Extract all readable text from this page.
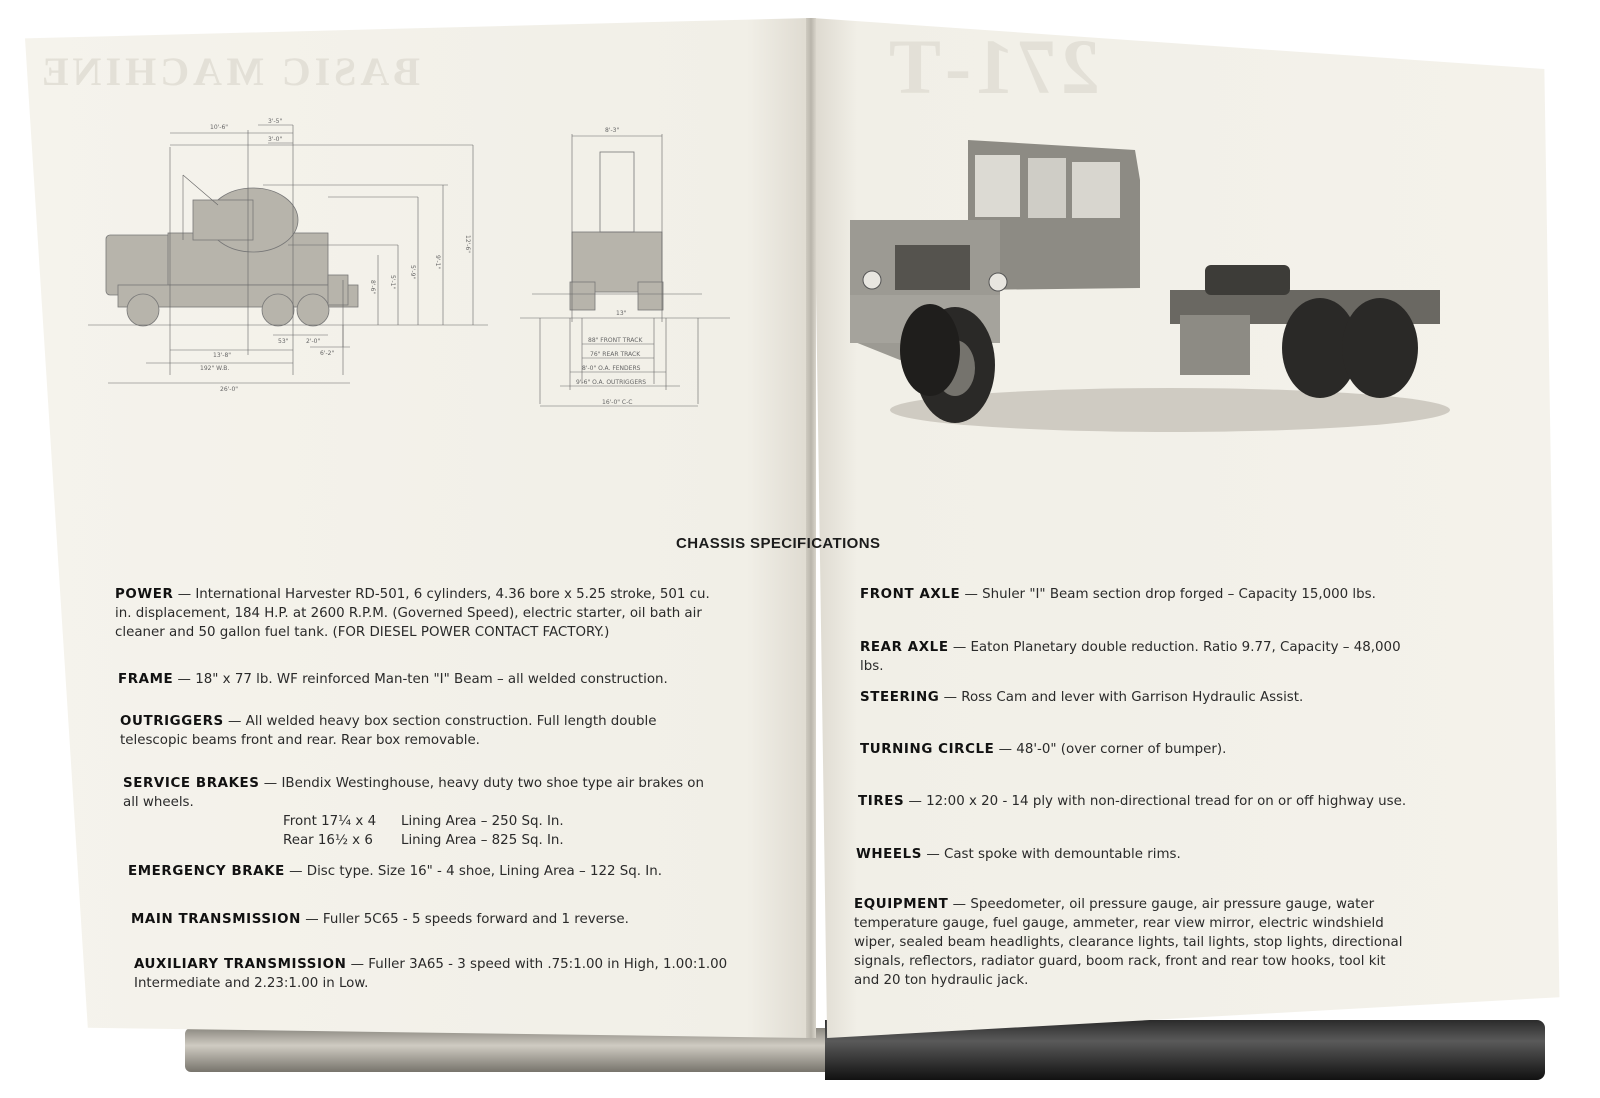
271-T
BASIC MACHINE
10'-6"
3'-5"
3'-0"
12'-6"
9'-1"
5'-1"
5'-9"
8'-6"
13'-8"
192" W.B.
26'-0"
6'-2"
53"	2'-0"
8'-3"
13"
88" FRONT TRACK
76" REAR TRACK
8'-0" O.A. FENDERS
9'-6" O.A. OUTRIGGERS
16'-0" C-C
CHASSIS SPECIFICATIONS
POWER — International Harvester RD-501, 6 cylinders, 4.36 bore x 5.25 stroke, 501 cu. in. displacement, 184 H.P. at 2600 R.P.M. (Governed Speed), electric starter, oil bath air cleaner and 50 gallon fuel tank. (FOR DIESEL POWER CONTACT FACTORY.)
FRAME — 18" x 77 lb. WF reinforced Man-ten "I" Beam – all welded construction.
OUTRIGGERS — All welded heavy box section construction. Full length double telescopic beams front and rear. Rear box removable.
SERVICE BRAKES — IBendix Westinghouse, heavy duty two shoe type air brakes on all wheels.
Front 17¼ x 4 Lining Area – 250 Sq. In.
Rear 16½ x 6 Lining Area – 825 Sq. In.
EMERGENCY BRAKE — Disc type. Size 16" - 4 shoe, Lining Area – 122 Sq. In.
MAIN TRANSMISSION — Fuller 5C65 - 5 speeds forward and 1 reverse.
AUXILIARY TRANSMISSION — Fuller 3A65 - 3 speed with .75:1.00 in High, 1.00:1.00 Intermediate and 2.23:1.00 in Low.
FRONT AXLE — Shuler "I" Beam section drop forged – Capacity 15,000 lbs.
REAR AXLE — Eaton Planetary double reduction. Ratio 9.77, Capacity – 48,000 lbs.
STEERING — Ross Cam and lever with Garrison Hydraulic Assist.
TURNING CIRCLE — 48'-0" (over corner of bumper).
TIRES — 12:00 x 20 - 14 ply with non-directional tread for on or off highway use.
WHEELS — Cast spoke with demountable rims.
EQUIPMENT — Speedometer, oil pressure gauge, air pressure gauge, water temperature gauge, fuel gauge, ammeter, rear view mirror, electric windshield wiper, sealed beam headlights, clearance lights, tail lights, stop lights, directional signals, reflectors, radiator guard, boom rack, front and rear tow hooks, tool kit and 20 ton hydraulic jack.
